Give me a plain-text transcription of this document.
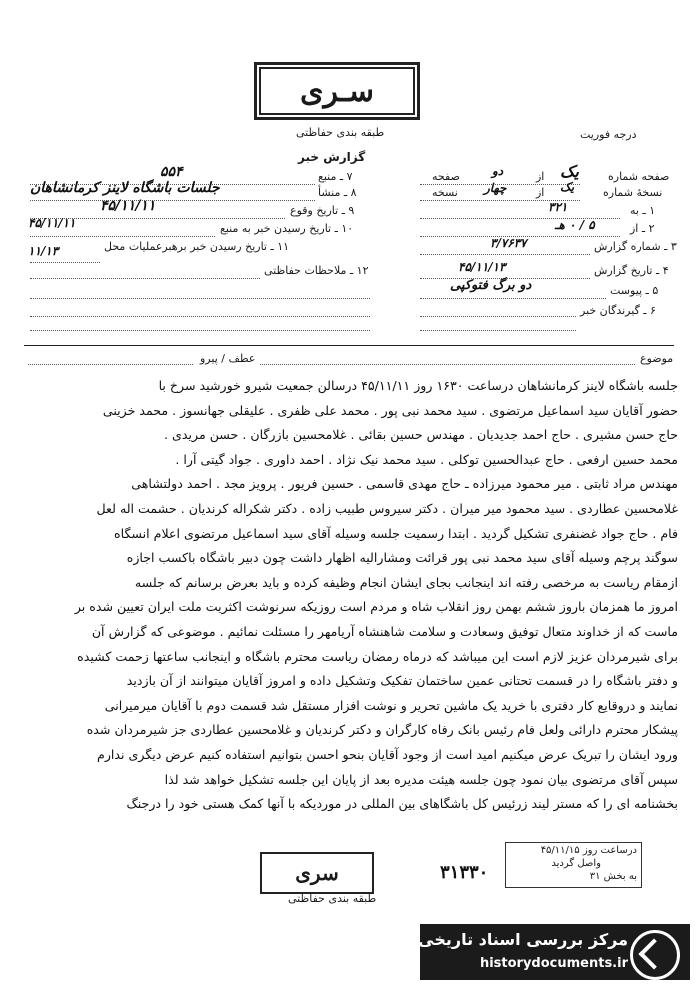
سـری
طبقه بندی حفاظتی	درجه فوریت
گزارش خبر
صفحه شماره
یک
از
دو
صفحه
نسخهٔ شماره
یک
از
چهار
نسخه
۱ ـ به
۳۲۱
۲ ـ از
۵ / ۰ هـ
۳ ـ شماره گزارش
۳/۷۶۳۷
۴ ـ تاریخ گزارش
۴۵/۱۱/۱۳
۵ ـ پیوست
دو برگ فتوکپی
۶ ـ گیرندگان خبر
۷ ـ منبع
۵۵۴
۸ ـ منشأ
جلسات باشگاه لاینز کرمانشاهان
۹ ـ تاریخ وقوع
۴۵/۱۱/۱۱
۱۰ ـ تاریخ رسیدن خبر به منبع
۴۵/۱۱/۱۱
۱۱ ـ تاریخ رسیدن خبر برهبرعملیات محل
۱۱/۱۳
۱۲ ـ ملاحظات حفاظتی
موضوع
عطف / پیرو

جلسه باشگاه لاینز کرمانشاهان درساعت ۱۶۳۰ روز ۴۵/۱۱/۱۱ درسالن جمعیت شیرو خورشید سرخ با

حضور آقایان سید اسماعیل مرتضوی . سید محمد نبی پور . محمد علی ظفری . علیقلی جهانسوز . محمد خزینی

حاج حسن مشیری . حاج احمد جدیدیان . مهندس حسین بقائی . غلامحسین بازرگان . حسن مریدی .

محمد حسین ارفعی . حاج عبدالحسین توکلی . سید محمد نیک نژاد . احمد داوری . جواد گیتی آرا .

مهندس مراد ثابتی . میر محمود میرزاده ـ حاج مهدی قاسمی . حسین فریور . پرویز مجد . احمد دولتشاهی

غلامحسین عطاردی . سید محمود میر میران . دکتر سیروس طبیب زاده . دکتر شکراله کرندیان . حشمت اله لعل

فام . حاج جواد غضنفری تشکیل گردید . ابتدا رسمیت جلسه وسیله آقای سید اسماعیل مرتضوی اعلام انسگاه

سوگند پرچم وسیله آقای سید محمد نبی پور قرائت ومشارالیه اظهار داشت چون دبیر باشگاه باکسب اجازه

ازمقام ریاست به مرخصی رفته اند اینجانب بجای ایشان انجام وظیفه کرده و باید بعرض برسانم که جلسه

امروز ما همزمان باروز ششم بهمن روز انقلاب شاه و مردم است روزیکه سرنوشت اکثریت ملت ایران تعیین شده بر

ماست که از خداوند متعال توفیق وسعادت و سلامت شاهنشاه آریامهر را مسئلت نمائیم . موضوعی که گزارش آن

برای شیرمردان عزیز لازم است این میباشد که درماه رمضان ریاست محترم باشگاه و اینجانب ساعتها زحمت کشیده

و دفتر باشگاه را در قسمت تحتانی عمین ساختمان تفکیک وتشکیل داده و امروز آقایان میتوانند از آن بازدید

نمایند و دروقایع کار دفتری با خرید یک ماشین تحریر و نوشت افزار مستقل شد قسمت دوم با آقایان میرمیرانی

پیشکار محترم دارائی ولعل فام رئیس بانک رفاه کارگران و دکتر کرندیان و غلامحسین عطاردی جز شیرمردان شده

ورود ایشان را تبریک عرض میکنیم امید است از وجود آقایان بنحو احسن بتوانیم استفاده کنیم عرض دیگری ندارم

سپس آقای مرتضوی بیان نمود چون جلسه هیئت مدیره بعد از پایان این جلسه تشکیل خواهد شد لذا

بخشنامه ای را که مستر لیند زرئیس کل باشگاهای بین المللی در موردیکه با آنها کمک هستی خود را درجنگ

سری
طبقه بندی حفاظتی
۳۱۳۳۰
درساعت روز ۴۵/۱۱/۱۵
واصل گردید
به بخش ۳۱
مرکز بررسی اسناد تاریخی
historydocuments.ir
